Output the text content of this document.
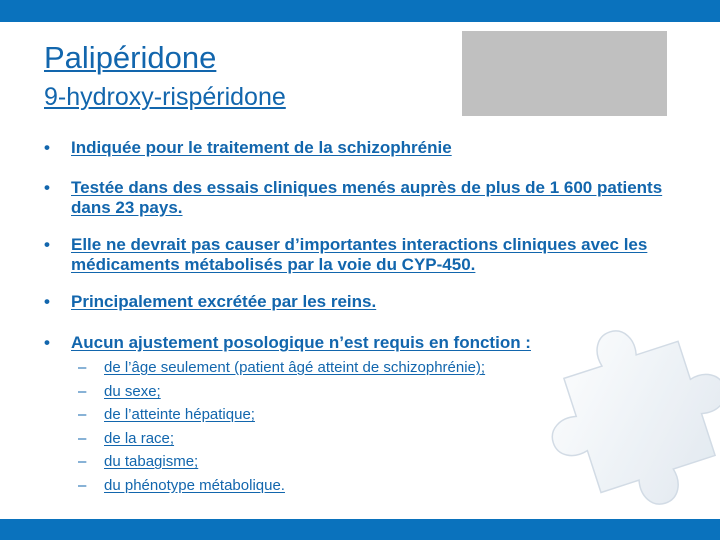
Palipéridone
9-hydroxy-rispéridone
•	Indiquée pour le traitement de la schizophrénie
•	Testée dans des essais cliniques menés auprès de plus de 1 600 patients dans 23 pays.
•	Elle ne devrait pas causer d’importantes interactions cliniques avec les médicaments métabolisés par la voie du CYP-450.
•	Principalement excrétée par les reins.
•	Aucun ajustement posologique n’est requis en fonction :
– de l’âge seulement (patient âgé atteint de schizophrénie);
– du sexe;
– de l’atteinte hépatique;
– de la race;
– du tabagisme;
– du phénotype métabolique.
